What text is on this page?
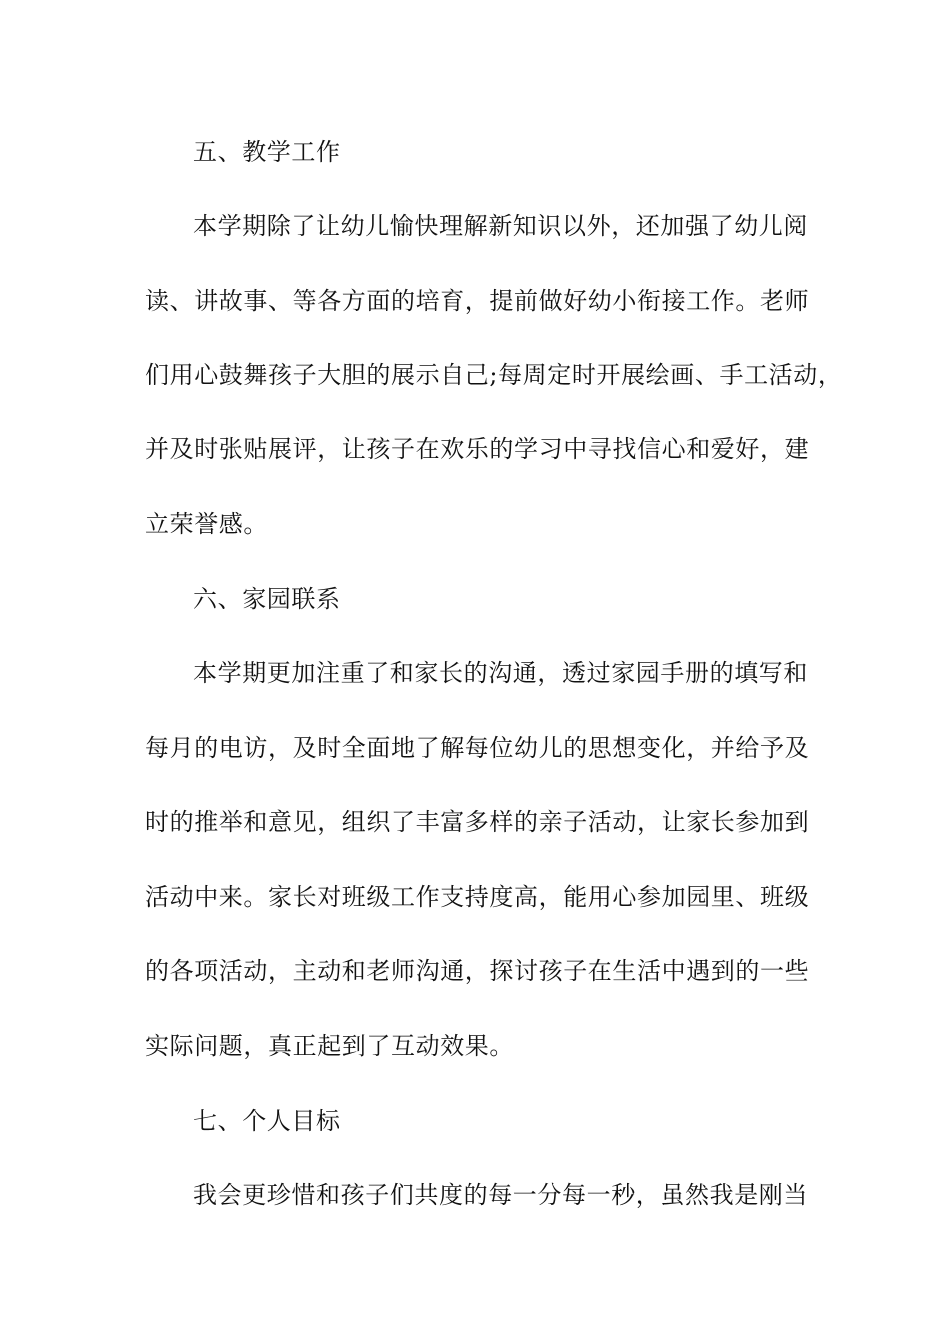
五、教学工作
本学期除了让幼儿愉快理解新知识以外，还加强了幼儿阅
读、讲故事、等各方面的培育，提前做好幼小衔接工作。老师
们用心鼓舞孩子大胆的展示自己;每周定时开展绘画、手工活动，
并及时张贴展评，让孩子在欢乐的学习中寻找信心和爱好，建
立荣誉感。
六、家园联系
本学期更加注重了和家长的沟通，透过家园手册的填写和
每月的电访，及时全面地了解每位幼儿的思想变化，并给予及
时的推举和意见，组织了丰富多样的亲子活动，让家长参加到
活动中来。家长对班级工作支持度高，能用心参加园里、班级
的各项活动，主动和老师沟通，探讨孩子在生活中遇到的一些
实际问题，真正起到了互动效果。
七、个人目标
我会更珍惜和孩子们共度的每一分每一秒，虽然我是刚当
